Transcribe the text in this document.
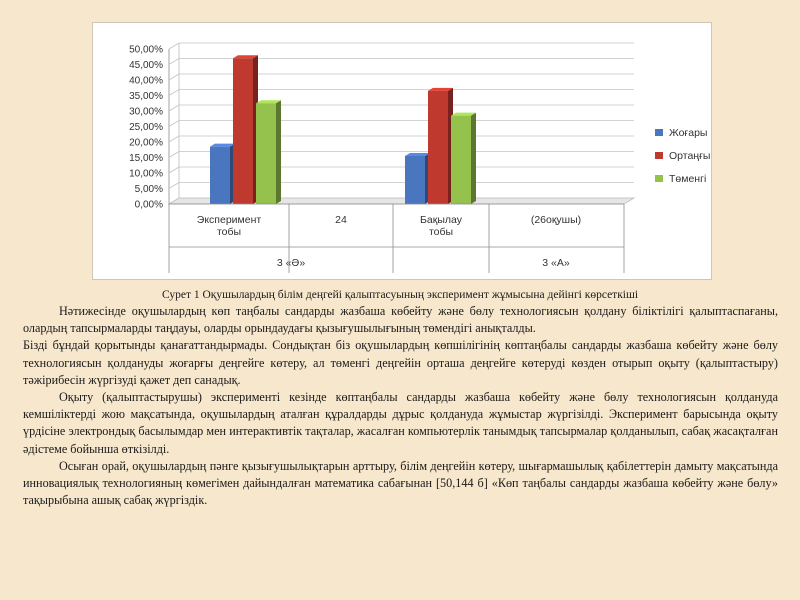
0,00%
5,00%
10,00%
15,00%
20,00%
25,00%
30,00%
35,00%
40,00%
45,00%
50,00%
Эксперимент тобы
24	Бақылау тобы
(26оқушы)
3 «Ә»	3 «А»
Жоғары
Ортаңғы
Төменгі
Сурет 1 Оқушылардың білім деңгейі қалыптасуының эксперимент жұмысына дейінгі көрсеткіші

Нәтижесінде оқушылардың көп таңбалы сандарды жазбаша көбейту және бөлу технологиясын қолдану біліктілігі қалыптаспағаны, олардың тапсырмаларды таңдауы, оларды орындаудағы қызығушылығының төмендігі анықталды.

Бізді бұндай қорытынды қанағаттандырмады. Сондықтан біз оқушылардың көпшілігінің көптаңбалы сандарды жазбаша көбейту және бөлу технологиясын қолдануды жоғарғы деңгейге көтеру, ал төменгі деңгейін орташа деңгейге көтеруді көзден отырып оқыту (қалыптастыру) тәжірибесін жүргізуді қажет деп санадық.

Оқыту (қалыптастырушы) эксперименті кезінде көптаңбалы сандарды жазбаша көбейту және бөлу технологиясын қолдануда кемшіліктерді жою мақсатында, оқушылардың аталған құралдарды дұрыс қолдануда жұмыстар жүргізілді. Эксперимент барысында оқыту үрдісіне электрондық басылымдар мен интерактивтік тақталар, жасалған компьютерлік танымдық тапсырмалар қолданылып, сабақ жасақталған әдістеме бойынша өткізілді.

Осыған орай, оқушылардың пәнге қызығушылықтарын арттыру, білім деңгейін көтеру, шығармашылық қабілеттерін дамыту мақсатында инновациялық технологияның көмегімен дайындалған математика сабағынан [50,144 б] «Көп таңбалы сандарды жазбаша көбейту және бөлу» тақырыбына ашық сабақ жүргіздік.
